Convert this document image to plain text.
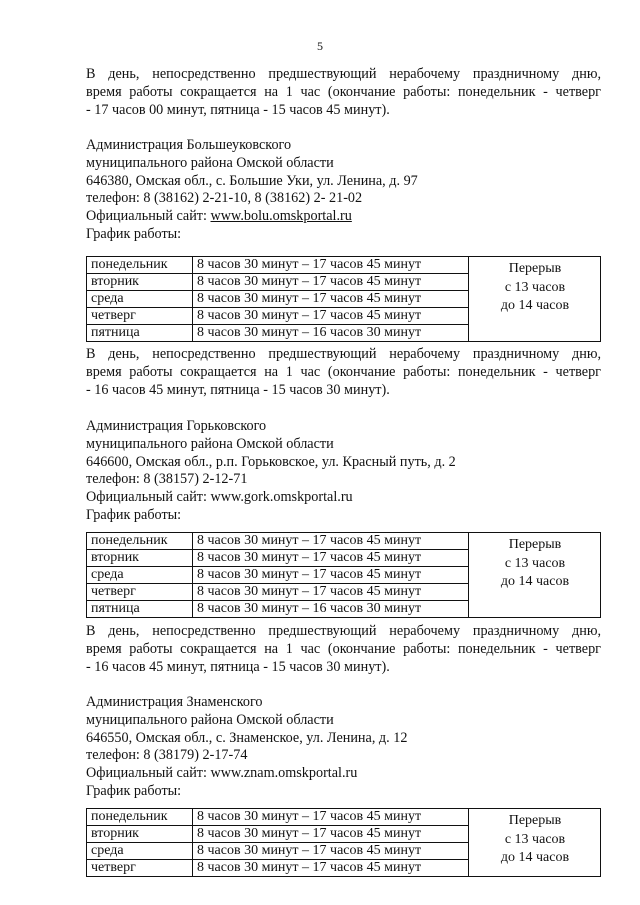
5
В день, непосредственно предшествующий нерабочему праздничному дню,
время работы сокращается на 1 час (окончание работы: понедельник - четверг
- 17 часов 00 минут, пятница - 15 часов 45 минут).
Администрация Большеуковского
муниципального района Омской области
646380, Омская обл., с. Большие Уки, ул. Ленина, д. 97
телефон: 8 (38162) 2-21-10, 8 (38162) 2- 21-02
Официальный сайт: www.bolu.omskportal.ru
График работы:
понедельник	8 часов 30 минут – 17 часов 45 минут	Перерыв
с 13 часов
до 14 часов

вторник	8 часов 30 минут – 17 часов 45 минут	
среда	8 часов 30 минут – 17 часов 45 минут	
четверг	8 часов 30 минут – 17 часов 45 минут	
пятница	8 часов 30 минут – 16 часов 30 минут	
В день, непосредственно предшествующий нерабочему праздничному дню,
время работы сокращается на 1 час (окончание работы: понедельник - четверг
- 16 часов 45 минут, пятница - 15 часов 30 минут).
Администрация Горьковского
муниципального района Омской области
646600, Омская обл., р.п. Горьковское, ул. Красный путь, д. 2
телефон: 8 (38157) 2-12-71
Официальный сайт: www.gork.omskportal.ru
График работы:
понедельник	8 часов 30 минут – 17 часов 45 минут	Перерыв
с 13 часов
до 14 часов

вторник	8 часов 30 минут – 17 часов 45 минут	
среда	8 часов 30 минут – 17 часов 45 минут	
четверг	8 часов 30 минут – 17 часов 45 минут	
пятница	8 часов 30 минут – 16 часов 30 минут	
В день, непосредственно предшествующий нерабочему праздничному дню,
время работы сокращается на 1 час (окончание работы: понедельник - четверг
- 16 часов 45 минут, пятница - 15 часов 30 минут).
Администрация Знаменского
муниципального района Омской области
646550, Омская обл., с. Знаменское, ул. Ленина, д. 12
телефон: 8 (38179) 2-17-74
Официальный сайт: www.znam.omskportal.ru
График работы:
понедельник	8 часов 30 минут – 17 часов 45 минут	Перерыв
с 13 часов
до 14 часов

вторник	8 часов 30 минут – 17 часов 45 минут	
среда	8 часов 30 минут – 17 часов 45 минут	
четверг	8 часов 30 минут – 17 часов 45 минут	
